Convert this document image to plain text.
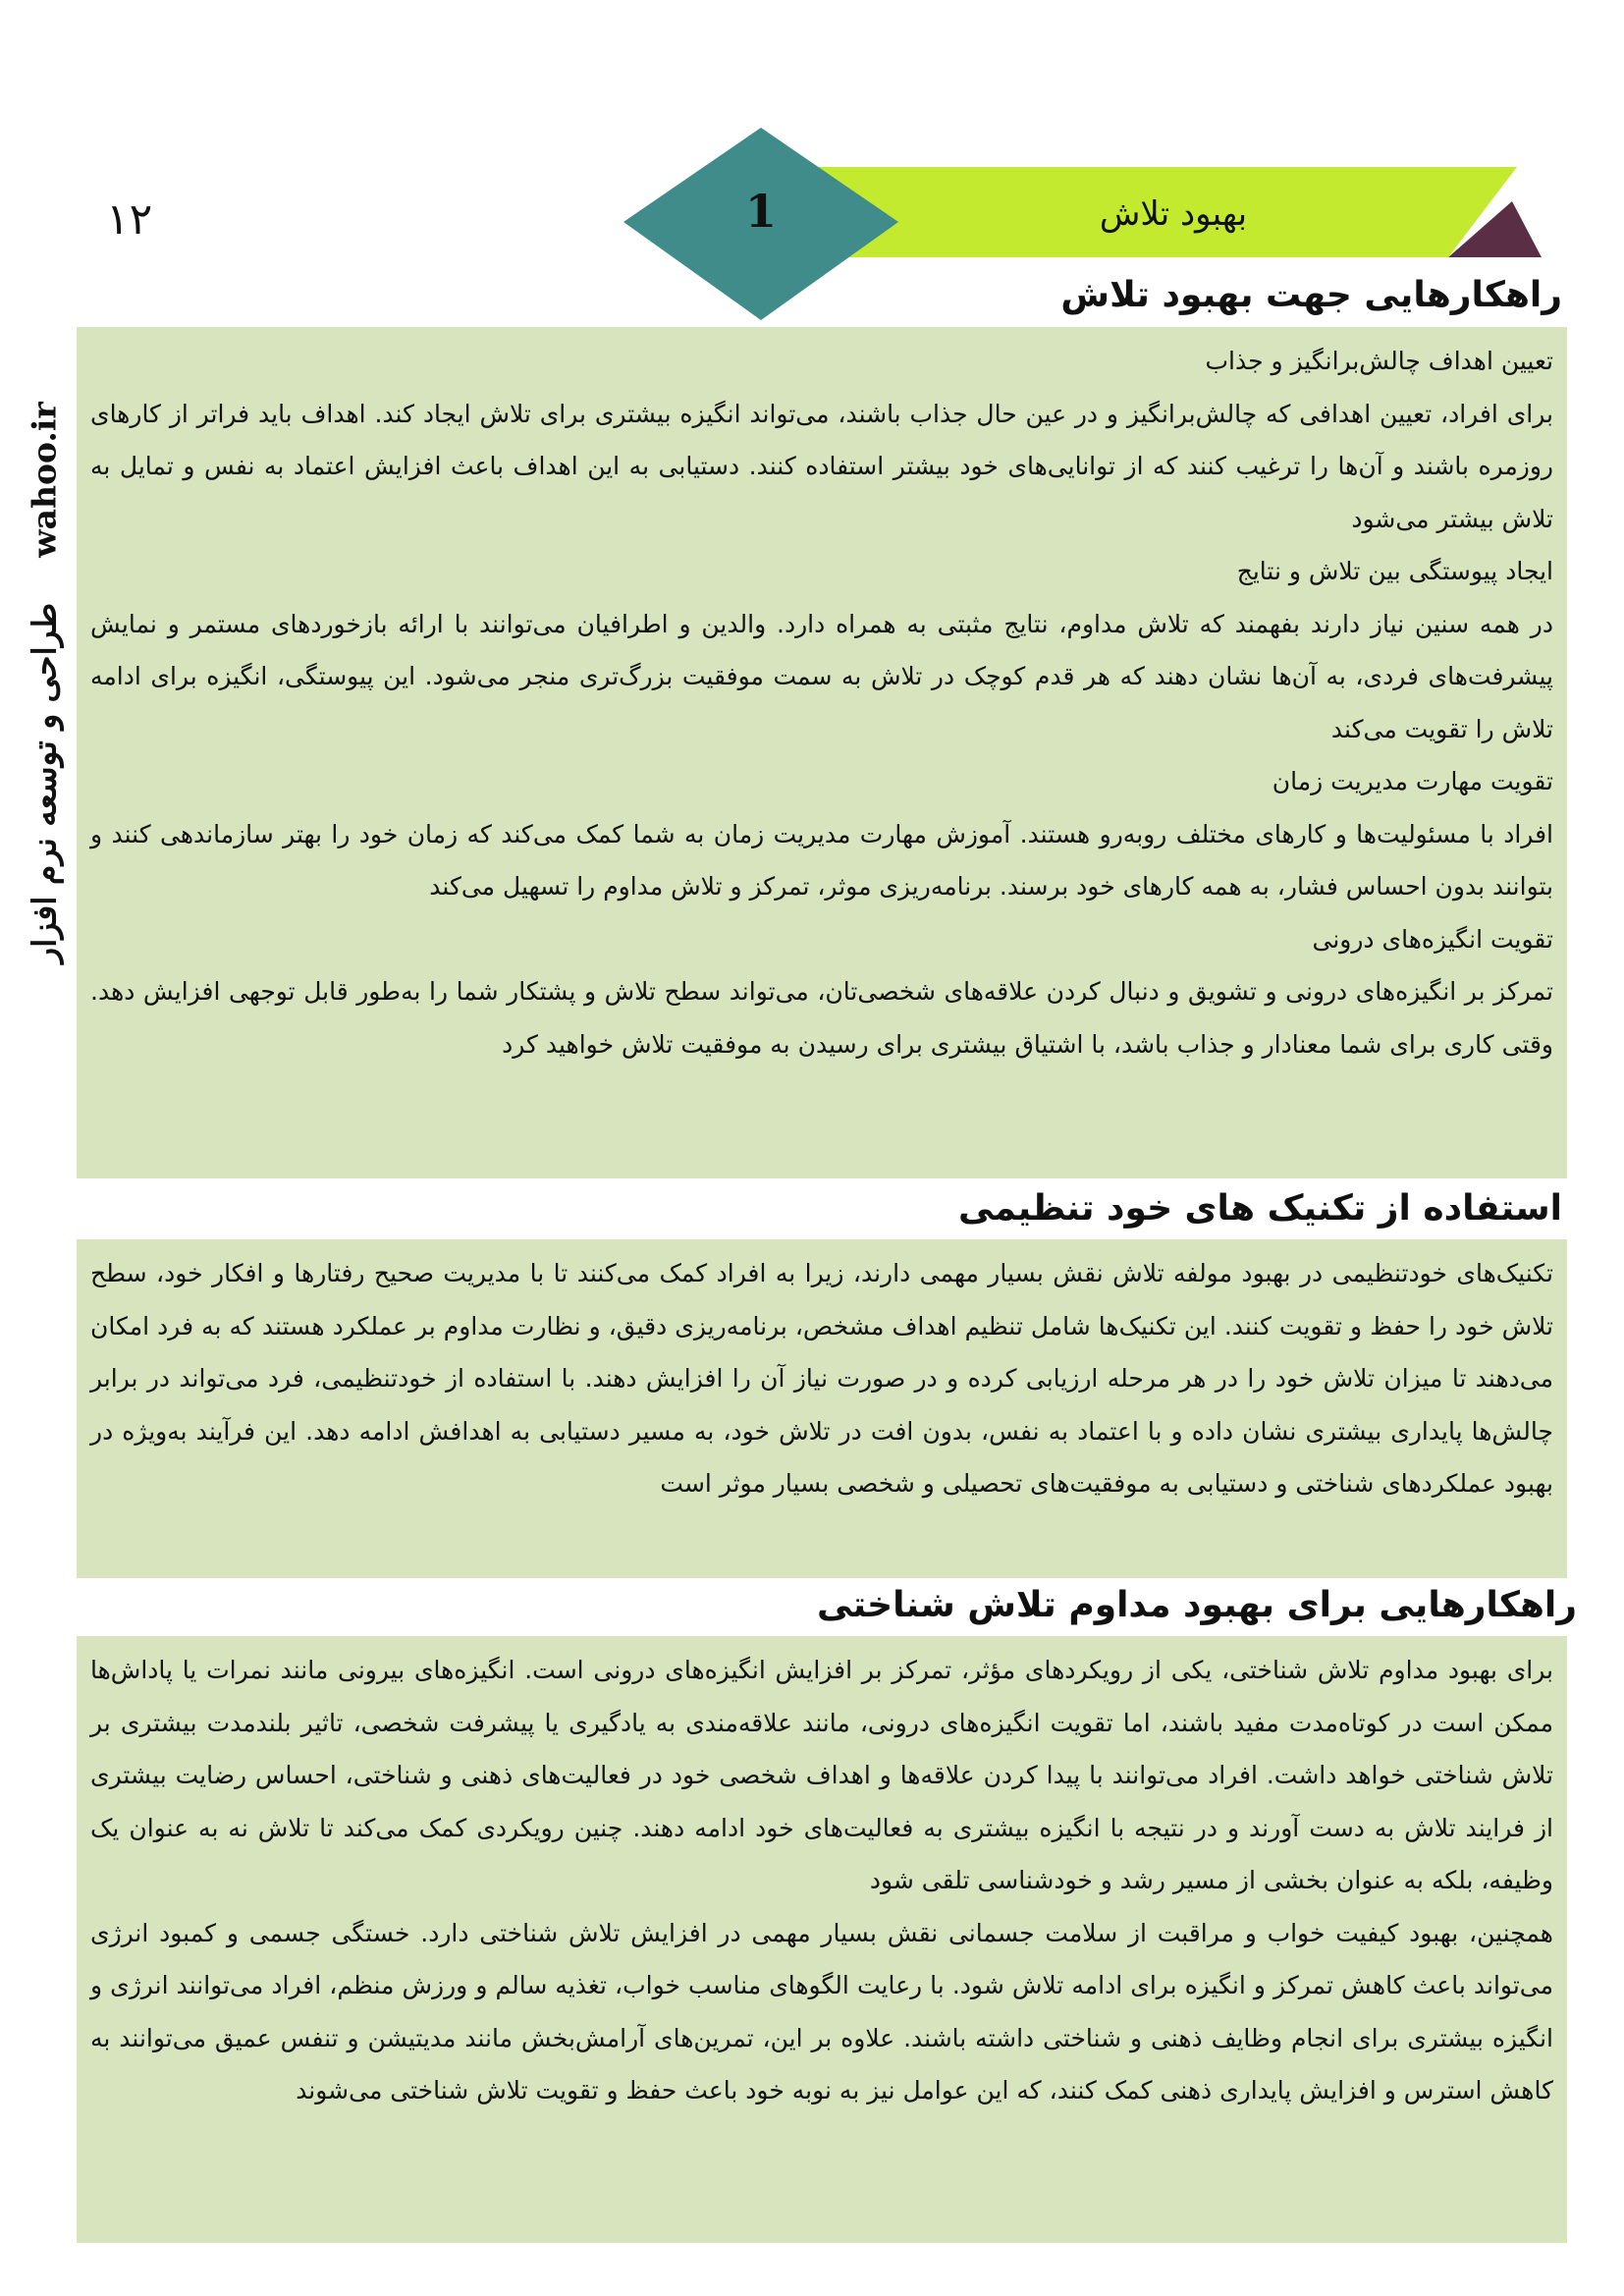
۱۲	بهبود تلاش
1
wahoo.ir    طراحی و توسعه نرم افزار
راهکارهایی جهت بهبود تلاش

تعیین اهداف چالش‌برانگیز و جذاب

برای افراد، تعیین اهدافی که چالش‌برانگیز و در عین حال جذاب باشند، می‌تواند انگیزه بیشتری برای تلاش ایجاد کند. اهداف باید فراتر از کارهای روزمره باشند و آن‌ها را ترغیب کنند که از توانایی‌های خود بیشتر استفاده کنند. دستیابی به این اهداف باعث افزایش اعتماد به نفس و تمایل به تلاش بیشتر می‌شود

ایجاد پیوستگی بین تلاش و نتایج

در همه سنین نیاز دارند بفهمند که تلاش مداوم، نتایج مثبتی به همراه دارد. والدین و اطرافیان می‌توانند با ارائه بازخوردهای مستمر و نمایش پیشرفت‌های فردی، به آن‌ها نشان دهند که هر قدم کوچک در تلاش به سمت موفقیت بزرگ‌تری منجر می‌شود. این پیوستگی، انگیزه برای ادامه تلاش را تقویت می‌کند

تقویت مهارت مدیریت زمان

افراد با مسئولیت‌ها و کارهای مختلف روبه‌رو هستند. آموزش مهارت مدیریت زمان به شما کمک می‌کند که زمان خود را بهتر سازماندهی کنند و بتوانند بدون احساس فشار، به همه کارهای خود برسند. برنامه‌ریزی موثر، تمرکز و تلاش مداوم را تسهیل می‌کند

تقویت انگیزه‌های درونی

تمرکز بر انگیزه‌های درونی و تشویق و دنبال کردن علاقه‌های شخصی‌تان، می‌تواند سطح تلاش و پشتکار شما را به‌طور قابل توجهی افزایش دهد. وقتی کاری برای شما معنادار و جذاب باشد، با اشتیاق بیشتری برای رسیدن به موفقیت تلاش خواهید کرد

استفاده از تکنیک های خود تنظیمی

تکنیک‌های خودتنظیمی در بهبود مولفه تلاش نقش بسیار مهمی دارند، زیرا به افراد کمک می‌کنند تا با مدیریت صحیح رفتارها و افکار خود، سطح تلاش خود را حفظ و تقویت کنند. این تکنیک‌ها شامل تنظیم اهداف مشخص، برنامه‌ریزی دقیق، و نظارت مداوم بر عملکرد هستند که به فرد امکان می‌دهند تا میزان تلاش خود را در هر مرحله ارزیابی کرده و در صورت نیاز آن را افزایش دهند. با استفاده از خودتنظیمی، فرد می‌تواند در برابر چالش‌ها پایداری بیشتری نشان داده و با اعتماد به نفس، بدون افت در تلاش خود، به مسیر دستیابی به اهدافش ادامه دهد. این فرآیند به‌ویژه در بهبود عملکردهای شناختی و دستیابی به موفقیت‌های تحصیلی و شخصی بسیار موثر است

راهکارهایی برای بهبود مداوم تلاش شناختی

برای بهبود مداوم تلاش شناختی، یکی از رویکردهای مؤثر، تمرکز بر افزایش انگیزه‌های درونی است. انگیزه‌های بیرونی مانند نمرات یا پاداش‌ها ممکن است در کوتاه‌مدت مفید باشند، اما تقویت انگیزه‌های درونی، مانند علاقه‌مندی به یادگیری یا پیشرفت شخصی، تاثیر بلندمدت بیشتری بر تلاش شناختی خواهد داشت. افراد می‌توانند با پیدا کردن علاقه‌ها و اهداف شخصی خود در فعالیت‌های ذهنی و شناختی، احساس رضایت بیشتری از فرایند تلاش به دست آورند و در نتیجه با انگیزه بیشتری به فعالیت‌های خود ادامه دهند. چنین رویکردی کمک می‌کند تا تلاش نه به عنوان یک وظیفه، بلکه به عنوان بخشی از مسیر رشد و خودشناسی تلقی شود

همچنین، بهبود کیفیت خواب و مراقبت از سلامت جسمانی نقش بسیار مهمی در افزایش تلاش شناختی دارد. خستگی جسمی و کمبود انرژی می‌تواند باعث کاهش تمرکز و انگیزه برای ادامه تلاش شود. با رعایت الگوهای مناسب خواب، تغذیه سالم و ورزش منظم، افراد می‌توانند انرژی و انگیزه بیشتری برای انجام وظایف ذهنی و شناختی داشته باشند. علاوه بر این، تمرین‌های آرامش‌بخش مانند مدیتیشن و تنفس عمیق می‌توانند به کاهش استرس و افزایش پایداری ذهنی کمک کنند، که این عوامل نیز به نوبه خود باعث حفظ و تقویت تلاش شناختی می‌شوند
